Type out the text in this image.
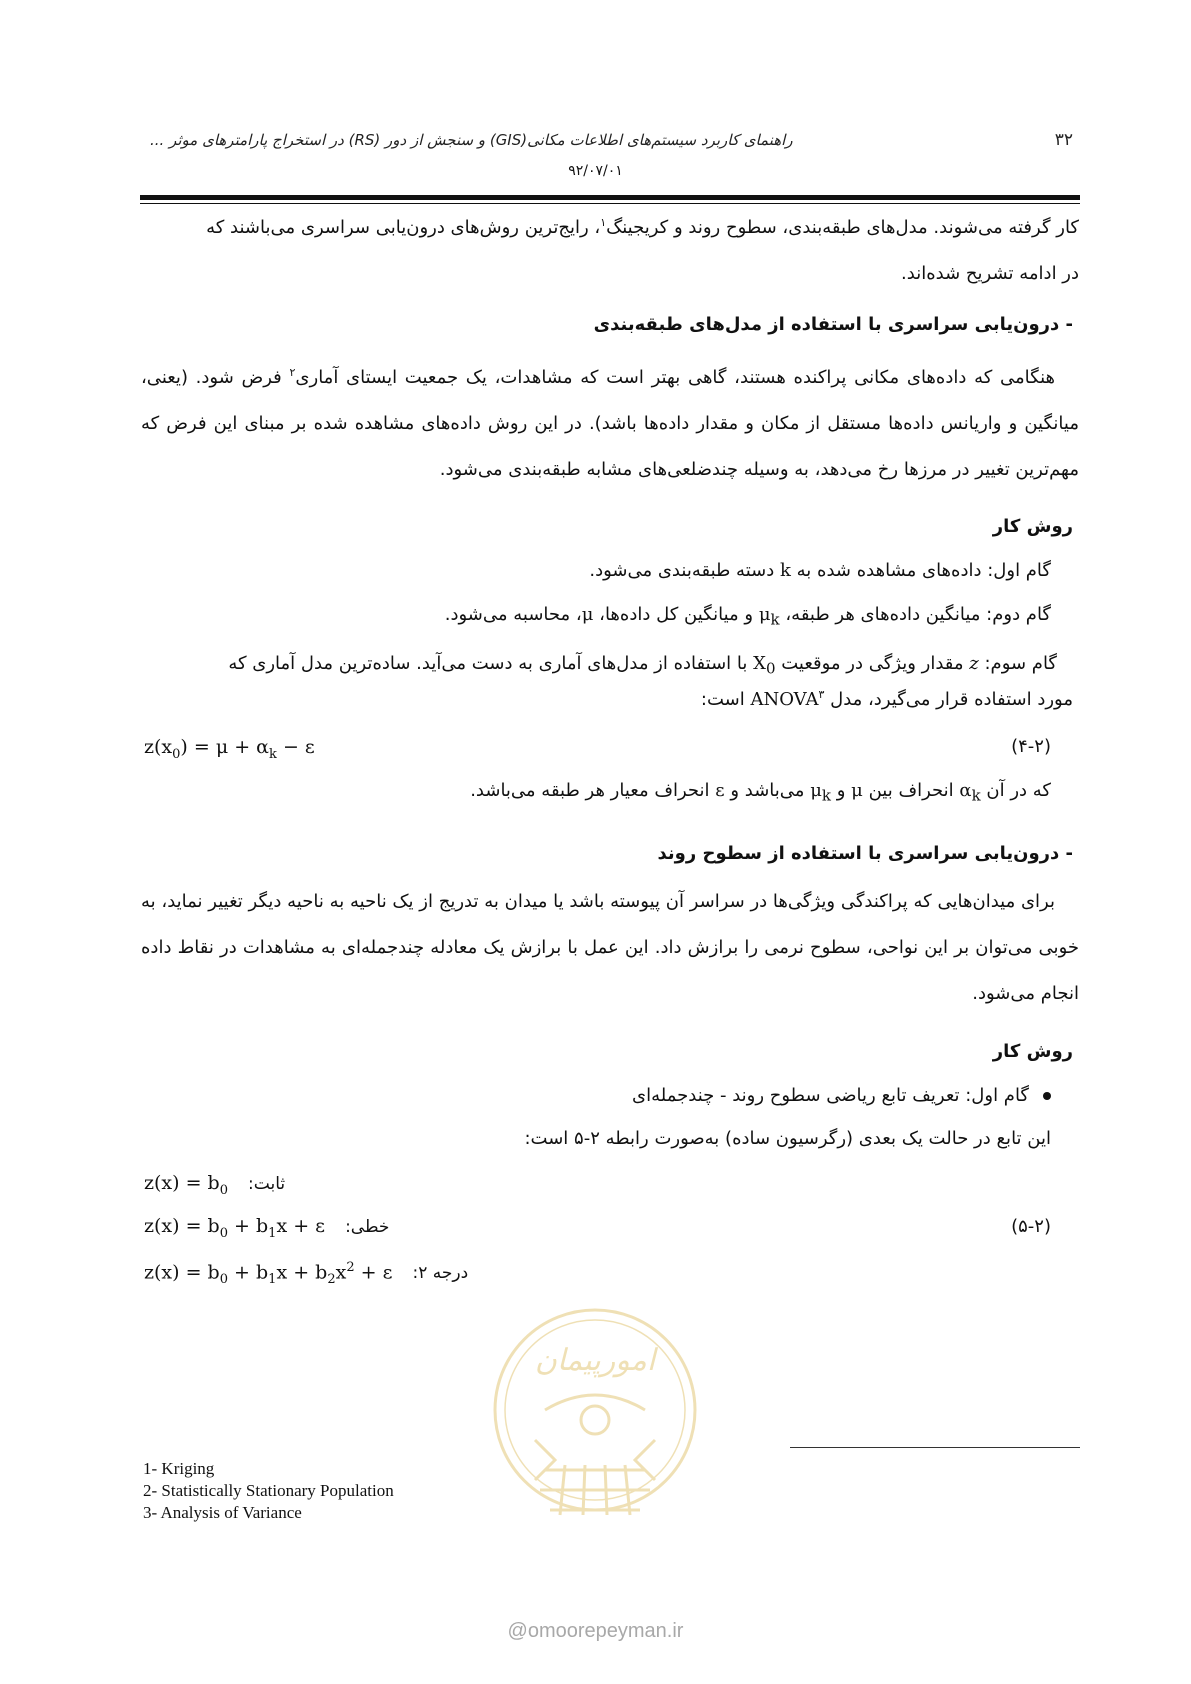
۳۲
راهنمای کاربرد سیستم‌های اطلاعات مکانی(GIS) و سنجش از دور (RS) در استخراج پارامترهای موثر ...
۹۲/۰۷/۰۱
کار گرفته می‌شوند. مدل‌های طبقه‌بندی، سطوح روند و کریجینگ$^۱$، رایج‌ترین روش‌های درون‌یابی سراسری می‌باشند که
در ادامه تشریح شده‌اند.
- درون‌یابی سراسری با استفاده از مدل‌های طبقه‌بندی
هنگامی که داده‌های مکانی پراکنده هستند، گاهی بهتر است که مشاهدات، یک جمعیت ایستای آماری$^۲$ فرض شود. (یعنی، میانگین و واریانس داده‌ها مستقل از مکان و مقدار داده‌ها باشد). در این روش داده‌های مشاهده شده بر مبنای این فرض که مهم‌ترین تغییر در مرزها رخ می‌دهد، به وسیله چندضلعی‌های مشابه طبقه‌بندی می‌شود.
روش کار
گام اول: داده‌های مشاهده شده به k دسته طبقه‌بندی می‌شود.
گام دوم: میانگین داده‌های هر طبقه، $\mu_k$ و میانگین کل داده‌ها، μ، محاسبه می‌شود.
گام سوم: z مقدار ویژگی در موقعیت $X_0$ با استفاده از مدل‌های آماری به دست می‌آید. ساده‌ترین مدل آماری که
مورد استفاده قرار می‌گیرد، مدل ANOVA$^۳$ است:
$z(x_0) = \mu + \alpha_k - \varepsilon$	(۴-۲)
که در آن $\alpha_k$ انحراف بین μ و $\mu_k$ می‌باشد و ε انحراف معیار هر طبقه می‌باشد.
- درون‌یابی سراسری با استفاده از سطوح روند
برای میدان‌هایی که پراکندگی ویژگی‌ها در سراسر آن پیوسته باشد یا میدان به تدریج از یک ناحیه به ناحیه دیگر تغییر نماید، به خوبی می‌توان بر این نواحی، سطوح نرمی را برازش داد. این عمل با برازش یک معادله چندجمله‌ای به مشاهدات در نقاط داده انجام می‌شود.
روش کار
گام اول: تعریف تابع ریاضی سطوح روند - چندجمله‌ای
این تابع در حالت یک بعدی (رگرسیون ساده) به‌صورت رابطه ۲-۵ است:
$z(x) = b_0$ ثابت:
$z(x) = b_0 + b_1x + \varepsilon$ خطی:	(۵-۲)
$z(x) = b_0 + b_1x + b_2x^2 + \varepsilon$ درجه ۲:
امورپیمان
@omoorepeyman.ir
1- Kriging
2- Statistically Stationary Population
3- Analysis of Variance
